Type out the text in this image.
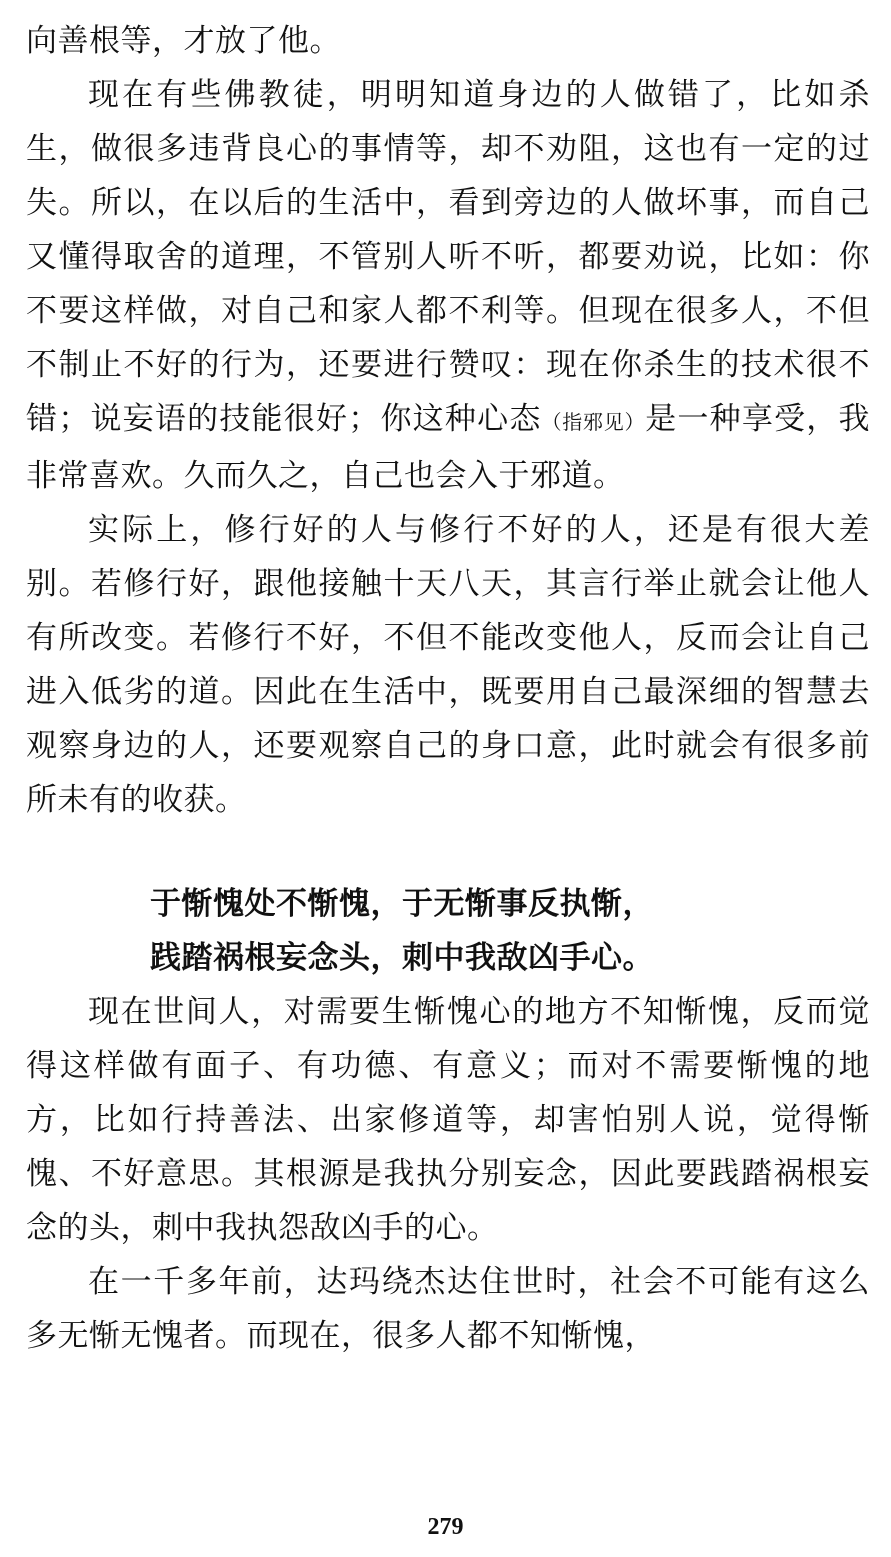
向善根等，才放了他。

现在有些佛教徒，明明知道身边的人做错了，比如杀生，做很多违背良心的事情等，却不劝阻，这也有一定的过失。所以，在以后的生活中，看到旁边的人做坏事，而自己又懂得取舍的道理，不管别人听不听，都要劝说，比如：你不要这样做，对自己和家人都不利等。但现在很多人，不但不制止不好的行为，还要进行赞叹：现在你杀生的技术很不错；说妄语的技能很好；你这种心态（指邪见）是一种享受，我非常喜欢。久而久之，自己也会入于邪道。

实际上，修行好的人与修行不好的人，还是有很大差别。若修行好，跟他接触十天八天，其言行举止就会让他人有所改变。若修行不好，不但不能改变他人，反而会让自己进入低劣的道。因此在生活中，既要用自己最深细的智慧去观察身边的人，还要观察自己的身口意，此时就会有很多前所未有的收获。

于惭愧处不惭愧，于无惭事反执惭，
践踏祸根妄念头，刺中我敌凶手心。

现在世间人，对需要生惭愧心的地方不知惭愧，反而觉得这样做有面子、有功德、有意义；而对不需要惭愧的地方，比如行持善法、出家修道等，却害怕别人说，觉得惭愧、不好意思。其根源是我执分别妄念，因此要践踏祸根妄念的头，刺中我执怨敌凶手的心。

在一千多年前，达玛绕杰达住世时，社会不可能有这么多无惭无愧者。而现在，很多人都不知惭愧，

279
